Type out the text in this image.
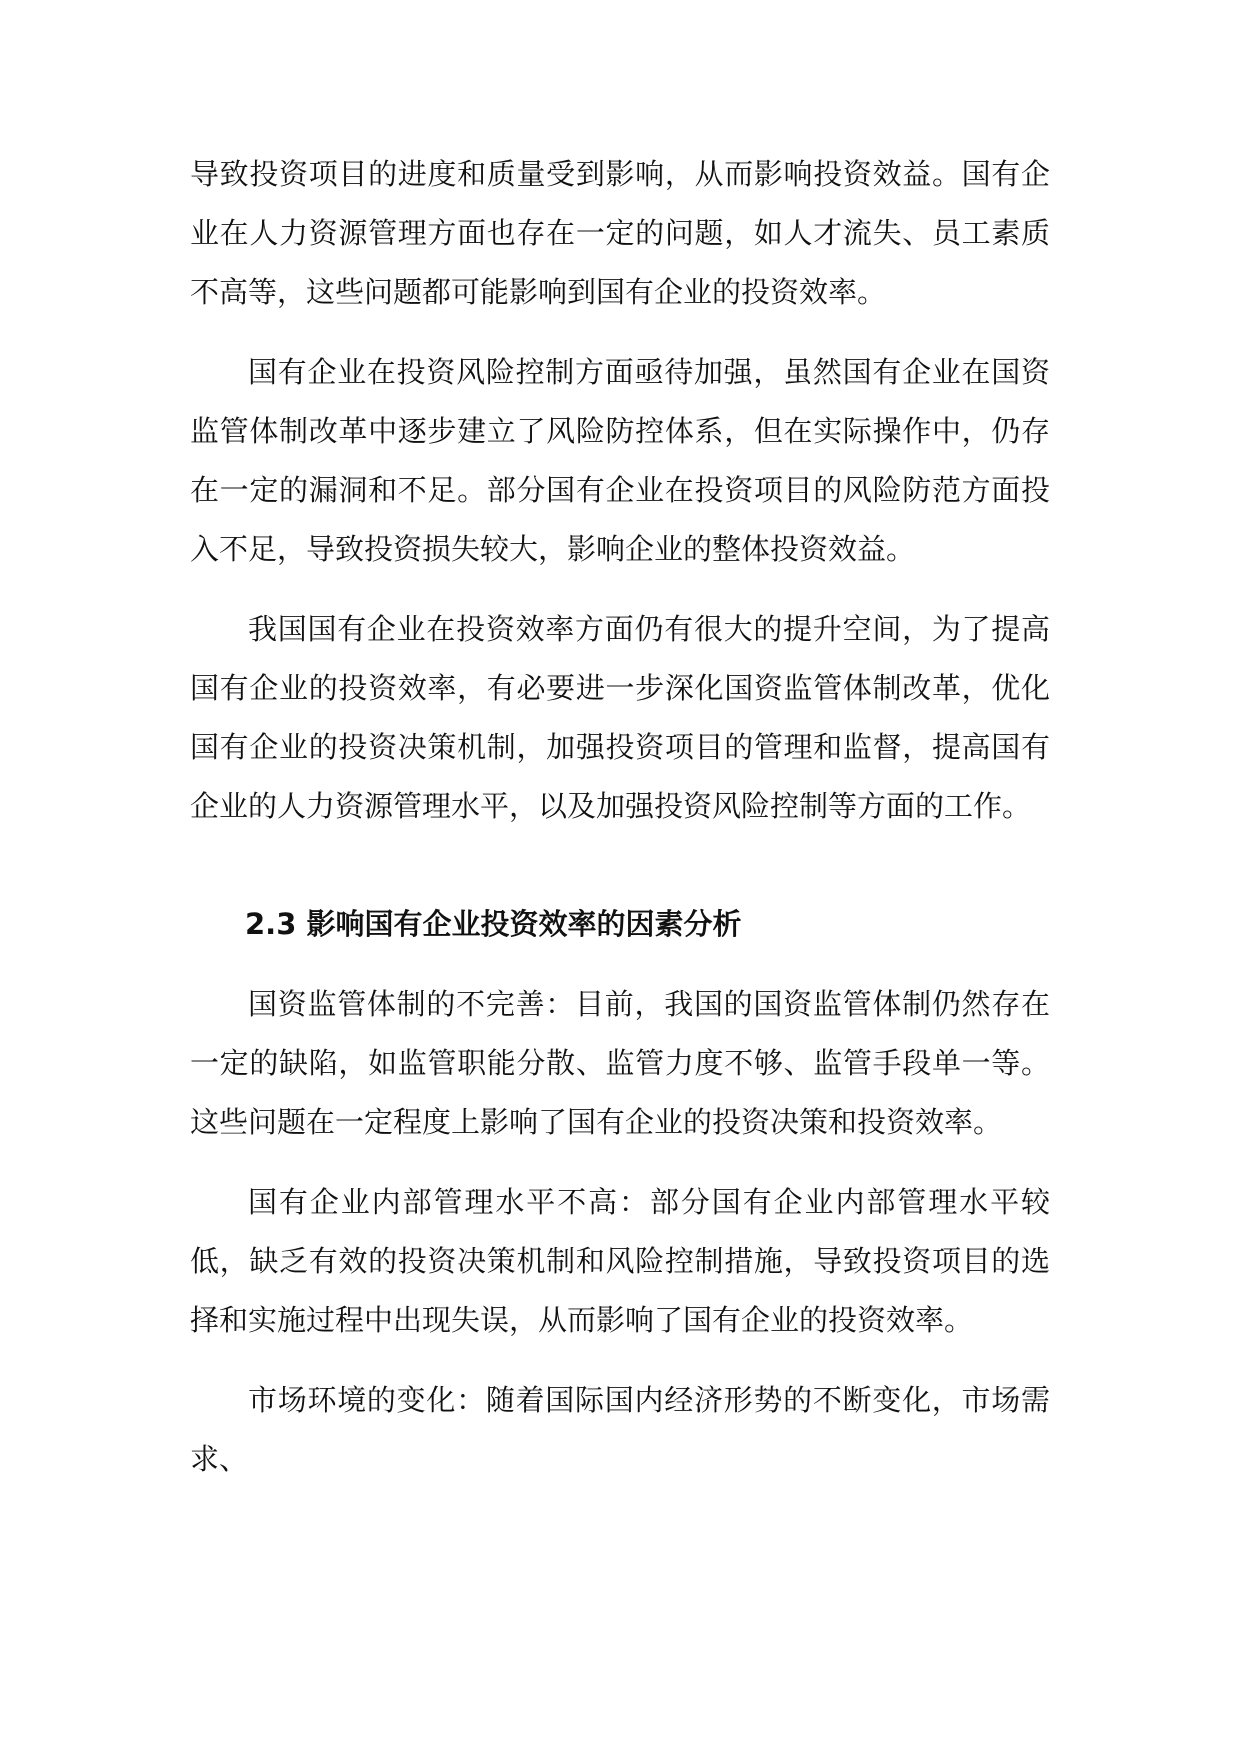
导致投资项目的进度和质量受到影响，从而影响投资效益。国有企业在人力资源管理方面也存在一定的问题，如人才流失、员工素质不高等，这些问题都可能影响到国有企业的投资效率。

国有企业在投资风险控制方面亟待加强，虽然国有企业在国资监管体制改革中逐步建立了风险防控体系，但在实际操作中，仍存在一定的漏洞和不足。部分国有企业在投资项目的风险防范方面投入不足，导致投资损失较大，影响企业的整体投资效益。

我国国有企业在投资效率方面仍有很大的提升空间，为了提高国有企业的投资效率，有必要进一步深化国资监管体制改革，优化国有企业的投资决策机制，加强投资项目的管理和监督，提高国有企业的人力资源管理水平，以及加强投资风险控制等方面的工作。

2.3 影响国有企业投资效率的因素分析

国资监管体制的不完善：目前，我国的国资监管体制仍然存在一定的缺陷，如监管职能分散、监管力度不够、监管手段单一等。这些问题在一定程度上影响了国有企业的投资决策和投资效率。

国有企业内部管理水平不高：部分国有企业内部管理水平较低，缺乏有效的投资决策机制和风险控制措施，导致投资项目的选择和实施过程中出现失误，从而影响了国有企业的投资效率。

市场环境的变化：随着国际国内经济形势的不断变化，市场需求、
